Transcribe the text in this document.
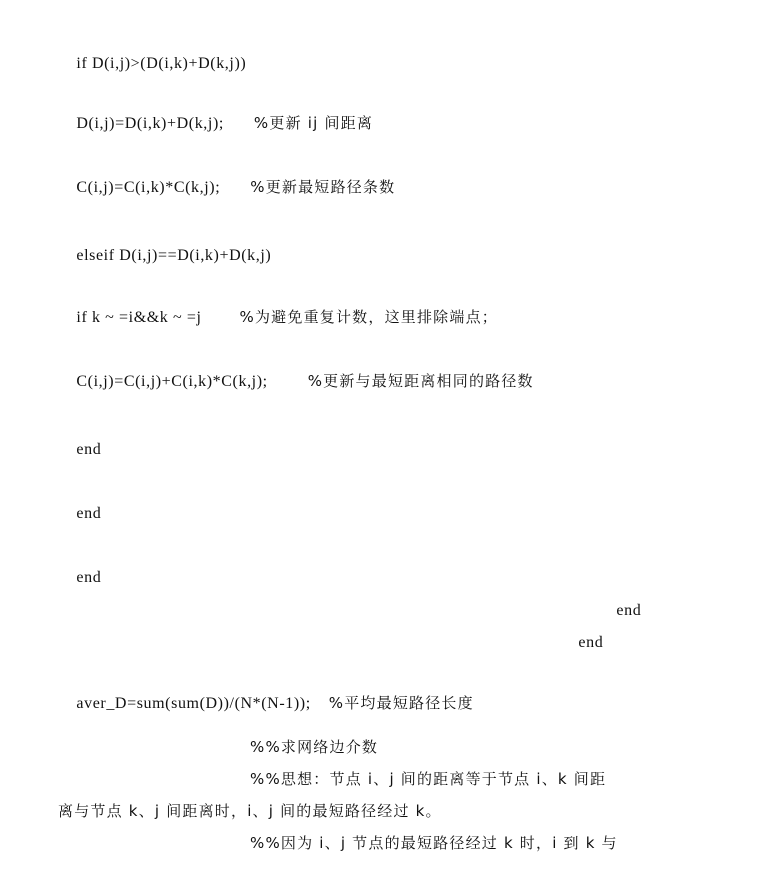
if D(i,j)>(D(i,k)+D(k,j))

D(i,j)=D(i,k)+D(k,j); %更新 ij 间距离

C(i,j)=C(i,k)*C(k,j); %更新最短路径条数

elseif D(i,j)==D(i,k)+D(k,j)

if k ~ =i&&k ~ =j	%为避免重复计数，这里排除端点；

C(i,j)=C(i,j)+C(i,k)*C(k,j);	%更新与最短距离相同的路径数

end

end

end

end

end

aver_D=sum(sum(D))/(N*(N-1)); %平均最短路径长度

%%求网络边介数
%%思想：节点 i、j 间的距离等于节点 i、k 间距
离与节点 k、j 间距离时，i、j 间的最短路径经过 k。
%%因为 i、j 节点的最短路径经过 k 时，i 到 k 与
